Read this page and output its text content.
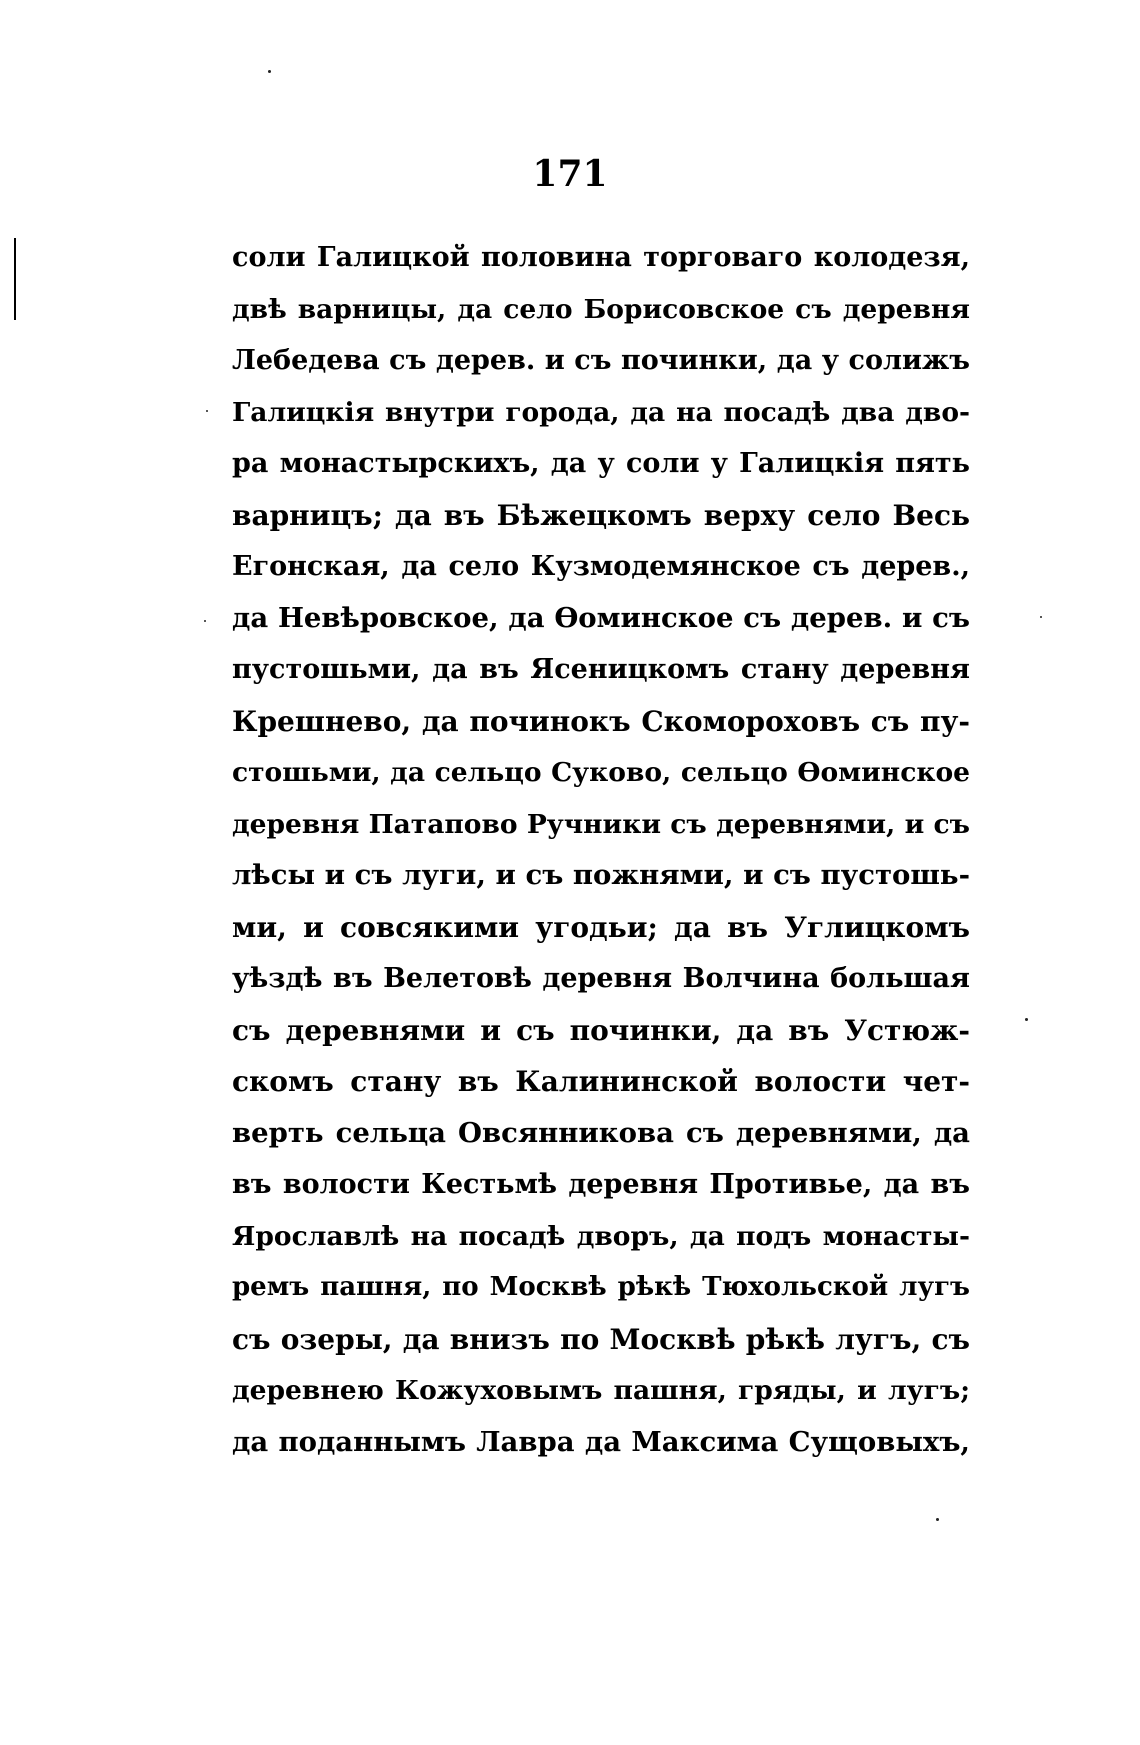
171
соли Галицкой половина торговаго колодезя,
двѣ варницы, да село Борисовское съ деревня
Лебедева съ дерев. и съ починки, да у солижъ
Галицкія внутри города, да на посадѣ два дво-
ра монастырскихъ, да у соли у Галицкія пять
варницъ; да въ Бѣжецкомъ верху село Весь
Егонская, да село Кузмодемянское съ дерев.,
да Невѣровское, да Ѳоминское съ дерев. и съ
пустошьми, да въ Ясеницкомъ стану деревня
Крешнево, да починокъ Скомороховъ съ пу-
стошьми, да сельцо Суково, сельцо Ѳоминское
деревня Патапово Ручники съ деревнями, и съ
лѣсы и съ луги, и съ пожнями, и съ пустошь-
ми, и совсякими угодьи; да въ Углицкомъ
уѣздѣ въ Велетовѣ деревня Волчина большая
съ деревнями и съ починки, да въ Устюж-
скомъ стану въ Калининской волости чет-
верть сельца Овсянникова съ деревнями, да
въ волости Кестьмѣ деревня Противье, да въ
Ярославлѣ на посадѣ дворъ, да подъ монасты-
ремъ пашня, по Москвѣ рѣкѣ Тюхольской лугъ
съ озеры, да внизъ по Москвѣ рѣкѣ лугъ, съ
деревнею Кожуховымъ пашня, гряды, и лугъ;
да поданнымъ Лавра да Максима Сущовыхъ,
